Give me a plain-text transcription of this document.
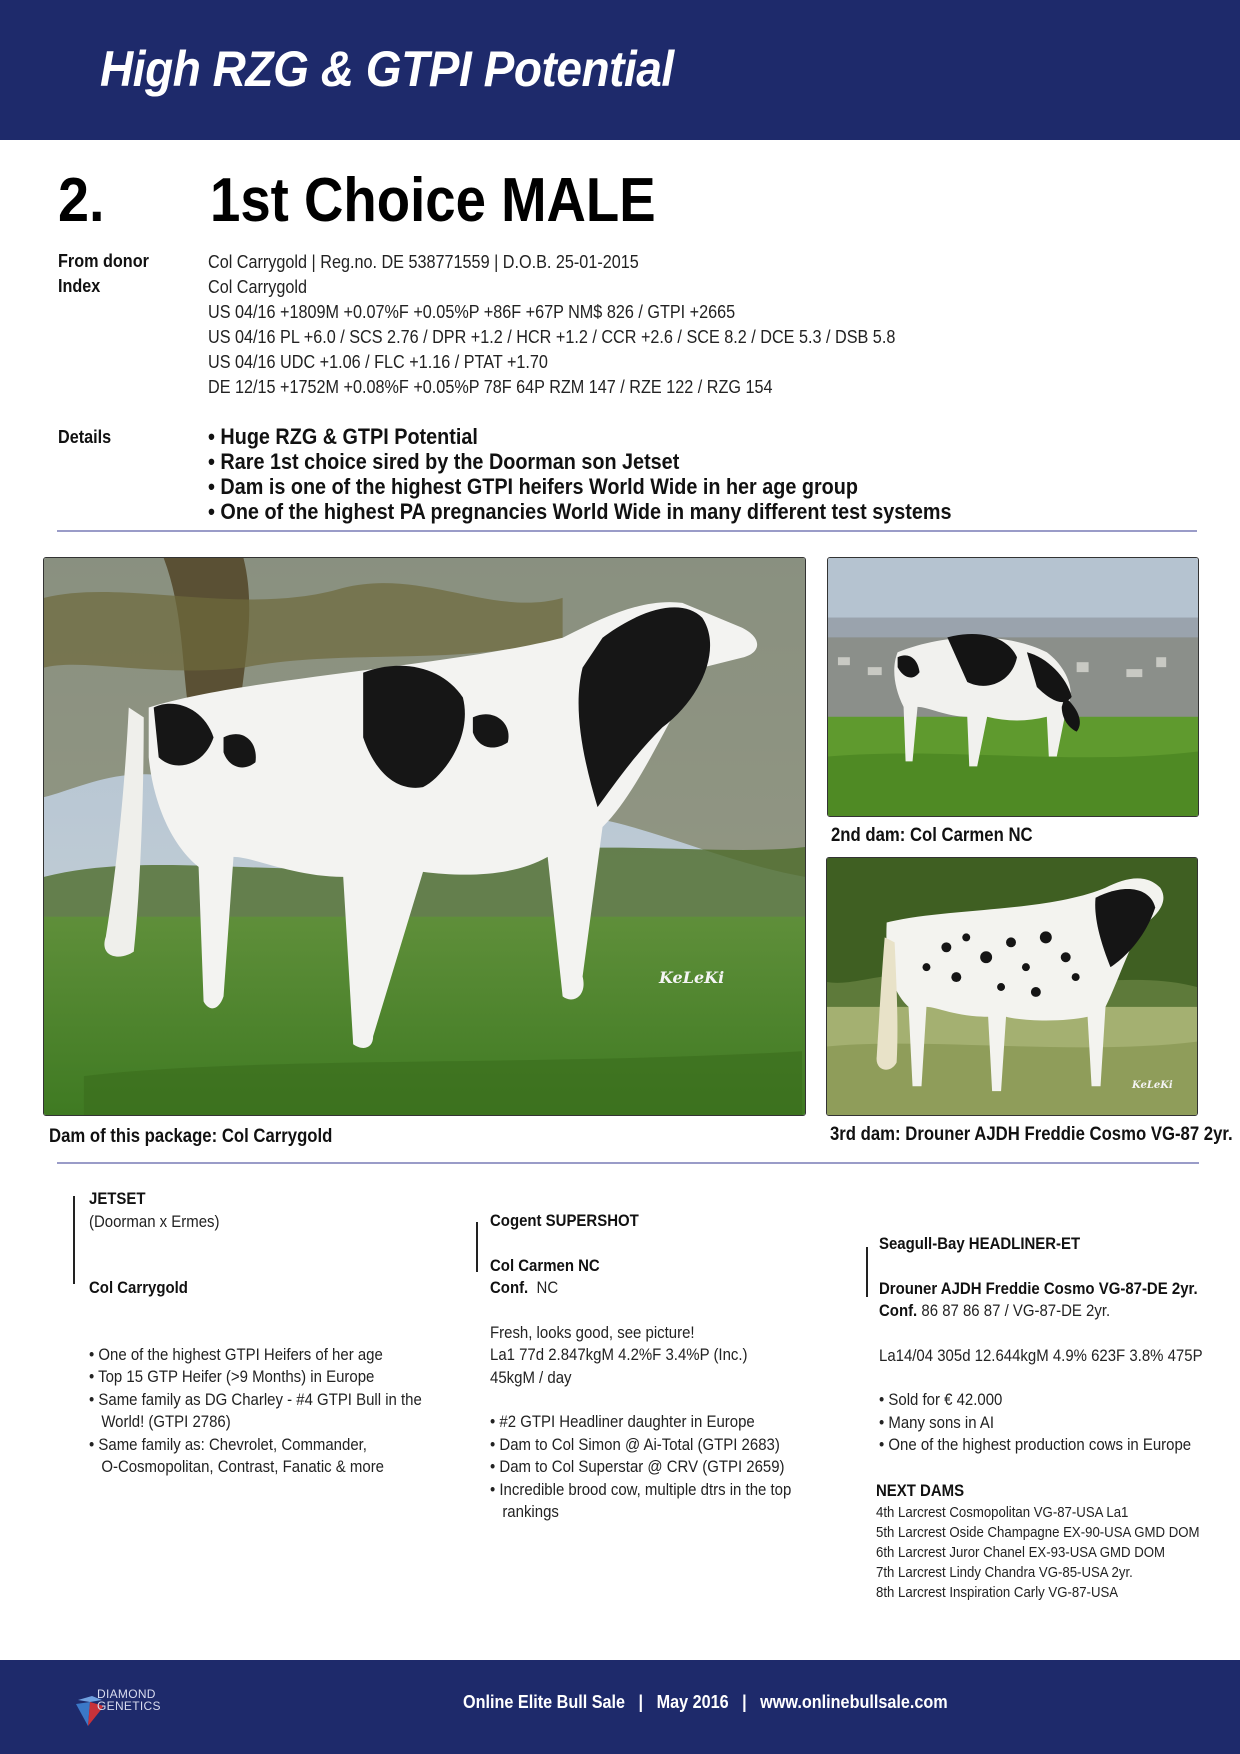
High RZG & GTPI Potential
2. 1st Choice MALE
From donor	Col Carrygold | Reg.no. DE 538771559 | D.O.B. 25-01-2015
Index	Col Carrygold
US 04/16 +1809M +0.07%F +0.05%P +86F +67P NM$ 826 / GTPI +2665
US 04/16 PL +6.0 / SCS 2.76 / DPR +1.2 / HCR +1.2 / CCR +2.6 / SCE 8.2 / DCE 5.3 / DSB 5.8
US 04/16 UDC +1.06 / FLC +1.16 / PTAT +1.70
DE 12/15 +1752M +0.08%F +0.05%P 78F 64P RZM 147 / RZE 122 / RZG 154
Details	• Huge RZG & GTPI Potential
• Rare 1st choice sired by the Doorman son Jetset
• Dam is one of the highest GTPI heifers World Wide in her age group
• One of the highest PA pregnancies World Wide in many different test systems
KeLeKi
2nd dam: Col Carmen NC
KeLeKi
Dam of this package: Col Carrygold	3rd dam: Drouner AJDH Freddie Cosmo VG-87 2yr.
JETSET
(Doorman x Ermes)
Col Carrygold
• One of the highest GTPI Heifers of her age
• Top 15 GTP Heifer (>9 Months) in Europe
• Same family as DG Charley - #4 GTPI Bull in the
World! (GTPI 2786)
• Same family as: Chevrolet, Commander,
O-Cosmopolitan, Contrast, Fanatic & more
Cogent SUPERSHOT
Col Carmen NC
Conf. NC
Fresh, looks good, see picture!
La1 77d 2.847kgM 4.2%F 3.4%P (Inc.)
45kgM / day
• #2 GTPI Headliner daughter in Europe
• Dam to Col Simon @ Ai-Total (GTPI 2683)
• Dam to Col Superstar @ CRV (GTPI 2659)
• Incredible brood cow, multiple dtrs in the top
rankings
Seagull-Bay HEADLINER-ET
Drouner AJDH Freddie Cosmo VG-87-DE 2yr.
Conf. 86 87 86 87 / VG-87-DE 2yr.
La14/04 305d 12.644kgM 4.9% 623F 3.8% 475P
• Sold for € 42.000
• Many sons in AI
• One of the highest production cows in Europe
NEXT DAMS
4th Larcrest Cosmopolitan VG-87-USA La1
5th Larcrest Oside Champagne EX-90-USA GMD DOM
6th Larcrest Juror Chanel EX-93-USA GMD DOM
7th Larcrest Lindy Chandra VG-85-USA 2yr.
8th Larcrest Inspiration Carly VG-87-USA
DIAMOND
GENETICS	Online Elite Bull Sale   |   May 2016   |   www.onlinebullsale.com
